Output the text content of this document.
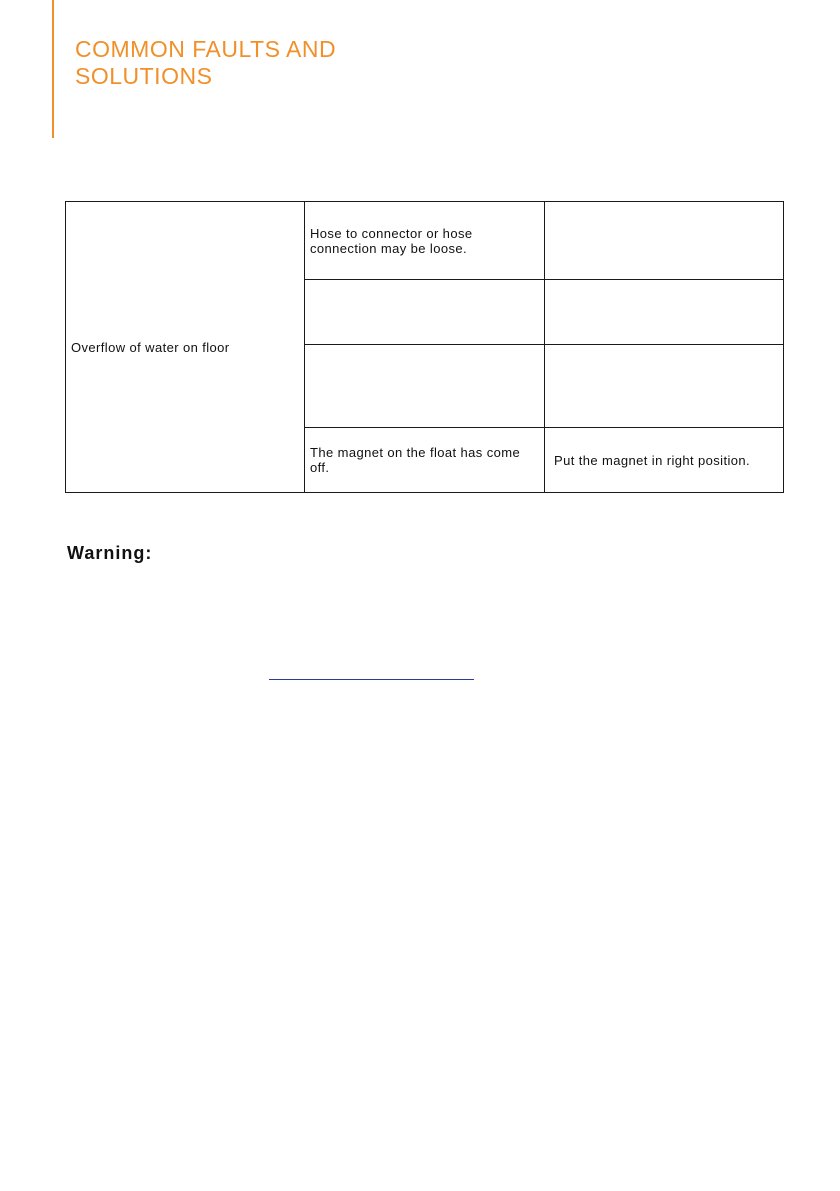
COMMON FAULTS AND SOLUTIONS
Overflow of water on floor	Hose to connector or hose connection may be loose.	

	The magnet on the float has come off.	Put the magnet in right position.
Warning:
